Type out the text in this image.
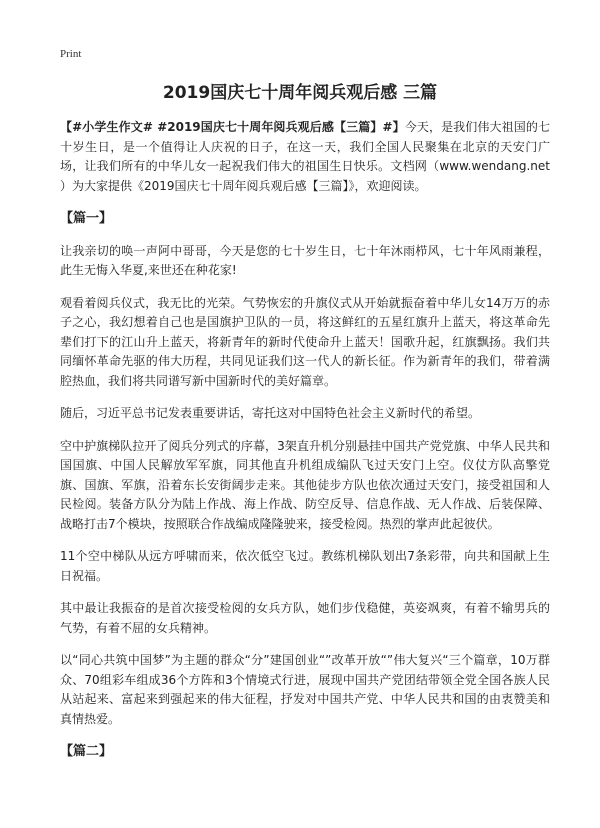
Print
2019国庆七十周年阅兵观后感 三篇

【#小学生作文# #2019国庆七十周年阅兵观后感【三篇】#】今天，是我们伟大祖国的七十岁生日，是一个值得让人庆祝的日子，在这一天，我们全国人民聚集在北京的天安门广场，让我们所有的中华儿女一起祝我们伟大的祖国生日快乐。文档网（www.wendang.net ）为大家提供《2019国庆七十周年阅兵观后感【三篇】》，欢迎阅读。

【篇一】

让我亲切的唤一声阿中哥哥，今天是您的七十岁生日，七十年沐雨栉风，七十年风雨兼程，此生无悔入华夏,来世还在种花家!

观看着阅兵仪式，我无比的光荣。气势恢宏的升旗仪式从开始就振奋着中华儿女14万万的赤子之心，我幻想着自己也是国旗护卫队的一员，将这鲜红的五星红旗升上蓝天，将这革命先辈们打下的江山升上蓝天，将新青年的新时代使命升上蓝天！国歌升起，红旗飘扬。我们共同缅怀革命先驱的伟大历程，共同见证我们这一代人的新长征。作为新青年的我们，带着满腔热血，我们将共同谱写新中国新时代的美好篇章。

随后，习近平总书记发表重要讲话，寄托这对中国特色社会主义新时代的希望。

空中护旗梯队拉开了阅兵分列式的序幕，3架直升机分别悬挂中国共产党党旗、中华人民共和国国旗、中国人民解放军军旗，同其他直升机组成编队飞过天安门上空。仪仗方队高擎党旗、国旗、军旗，沿着东长安街阔步走来。其他徒步方队也依次通过天安门，接受祖国和人民检阅。装备方队分为陆上作战、海上作战、防空反导、信息作战、无人作战、后装保障、战略打击7个模块，按照联合作战编成隆隆驶来，接受检阅。热烈的掌声此起彼伏。

11个空中梯队从远方呼啸而来，依次低空飞过。教练机梯队划出7条彩带，向共和国献上生日祝福。

其中最让我振奋的是首次接受检阅的女兵方队，她们步伐稳健，英姿飒爽，有着不输男兵的气势，有着不屈的女兵精神。

以“同心共筑中国梦”为主题的群众“分”建国创业“”改革开放“”伟大复兴“三个篇章，10万群众、70组彩车组成36个方阵和3个情境式行进，展现中国共产党团结带领全党全国各族人民从站起来、富起来到强起来的伟大征程，抒发对中国共产党、中华人民共和国的由衷赞美和真情热爱。

【篇二】
